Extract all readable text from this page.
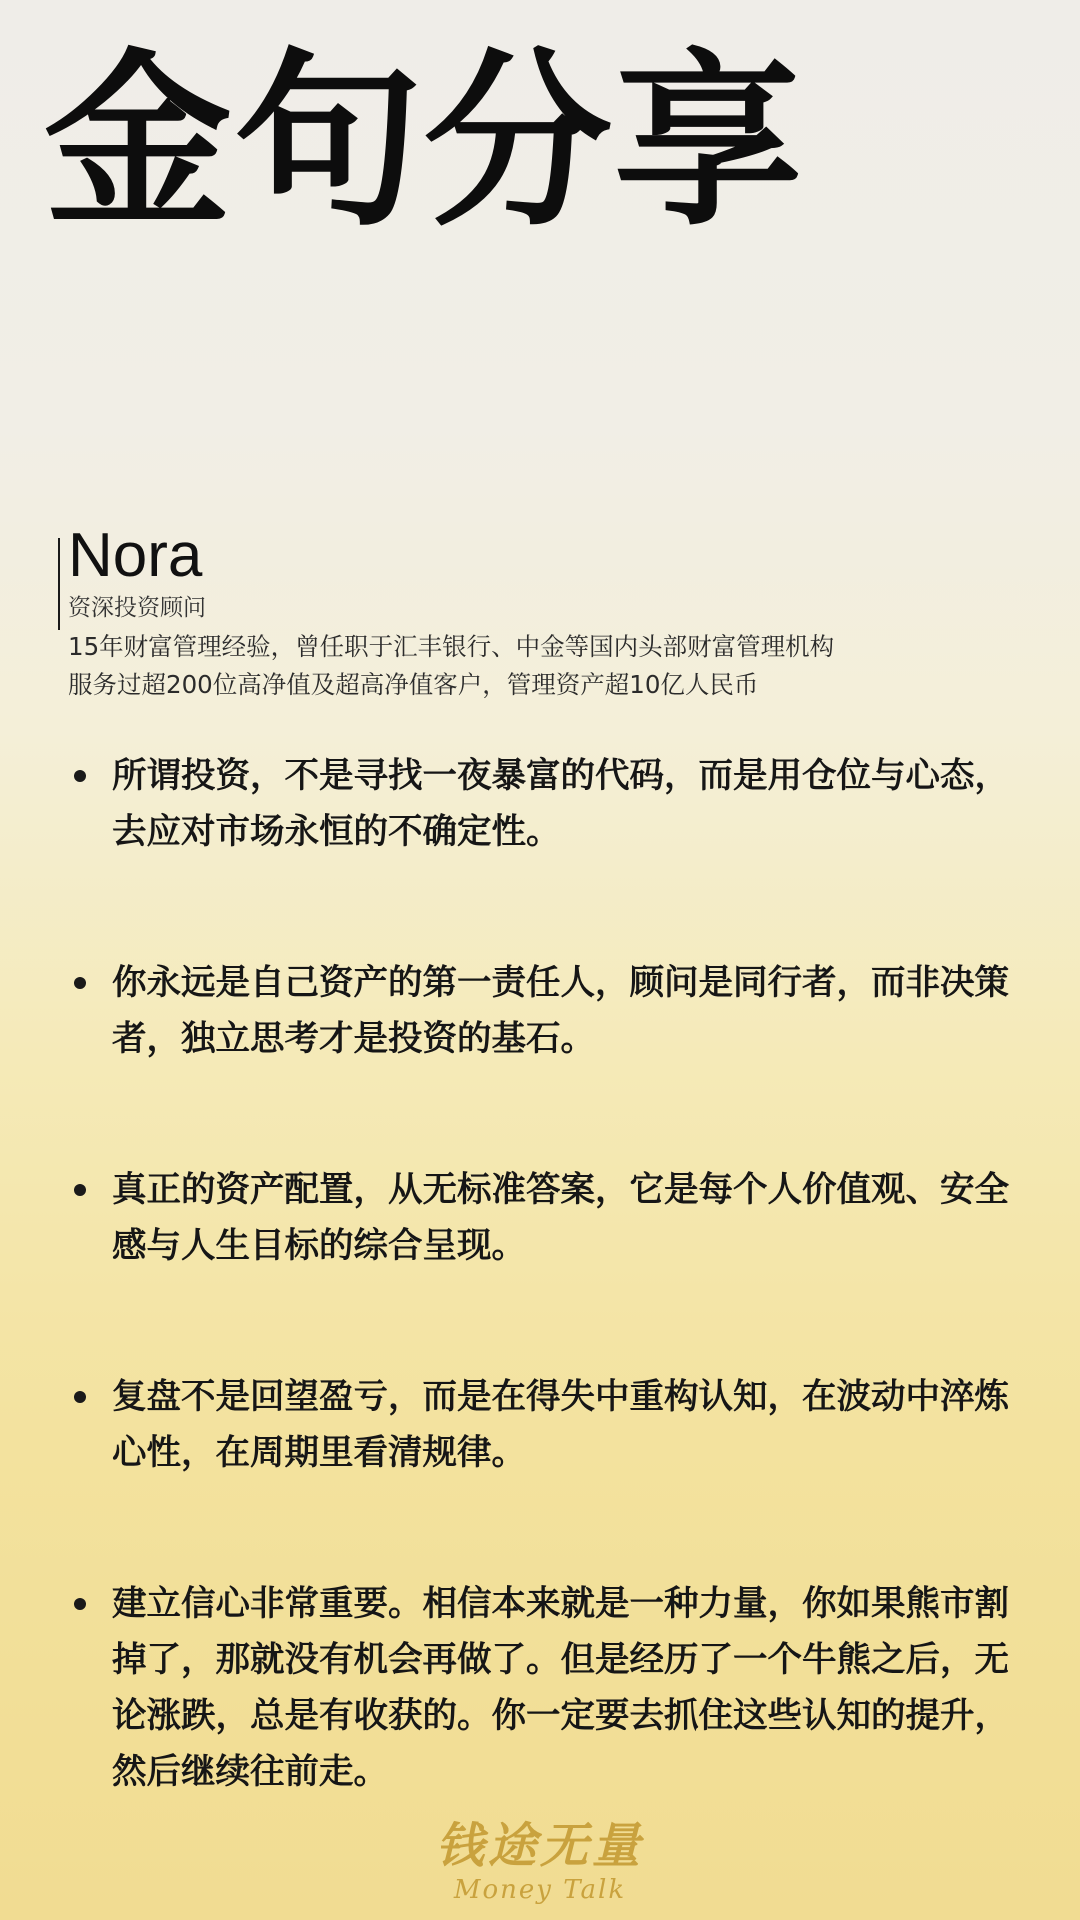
金句分享
Nora
资深投资顾问
15年财富管理经验，曾任职于汇丰银行、中金等国内头部财富管理机构
服务过超200位高净值及超高净值客户，管理资产超10亿人民币
所谓投资，不是寻找一夜暴富的代码，而是用仓位与心态，去应对市场永恒的不确定性。
你永远是自己资产的第一责任人，顾问是同行者，而非决策者，独立思考才是投资的基石。
真正的资产配置，从无标准答案，它是每个人价值观、安全感与人生目标的综合呈现。
复盘不是回望盈亏，而是在得失中重构认知，在波动中淬炼心性，在周期里看清规律。
建立信心非常重要。相信本来就是一种力量，你如果熊市割掉了，那就没有机会再做了。但是经历了一个牛熊之后，无论涨跌，总是有收获的。你一定要去抓住这些认知的提升，然后继续往前走。
钱途无量
Money Talk
